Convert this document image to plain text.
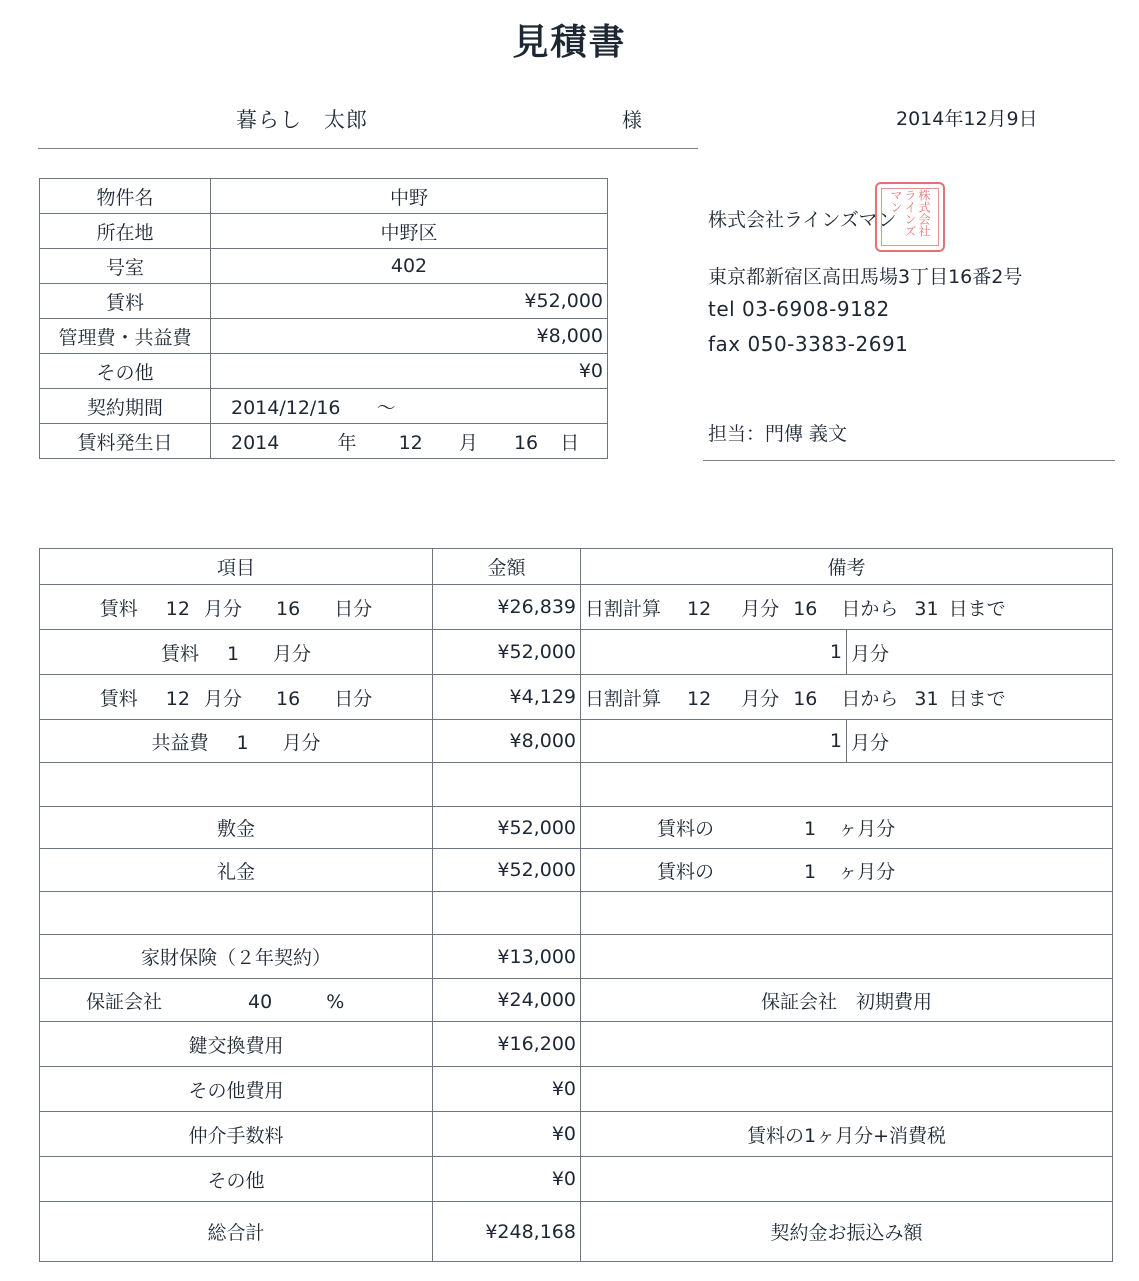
見積書
暮らし　太郎	様	2014年12月9日
物件名	中野
所在地	中野区
号室	402
賃料	¥52,000
管理費・共益費	¥8,000
その他	¥0
契約期間	2014/12/16 ～
賃料発生日	2014 年 12 月 16 日
株式会社ラインズマン	株式会社ラインズマン
東京都新宿区高田馬場3丁目16番2号
tel 03-6908-9182
fax 050-3383-2691
担当：門傳 義文
項目	金額	備考	
賃料 12 月分 16 日分	¥26,839	日割計算 12 月分 16 日から 31 日まで	
賃料 1 月分	¥52,000	1	月分
賃料 12 月分 16 日分	¥4,129	日割計算 12 月分 16 日から 31 日まで	
共益費 1 月分	¥8,000	1	月分

敷金	¥52,000	賃料の 1 ヶ月分	
礼金	¥52,000	賃料の 1 ヶ月分	

家財保険（２年契約）	¥13,000		
保証会社 40 %	¥24,000	保証会社　初期費用	
鍵交換費用	¥16,200		
その他費用	¥0		
仲介手数料	¥0	賃料の1ヶ月分+消費税	
その他	¥0		
総合計	¥248,168	契約金お振込み額	
